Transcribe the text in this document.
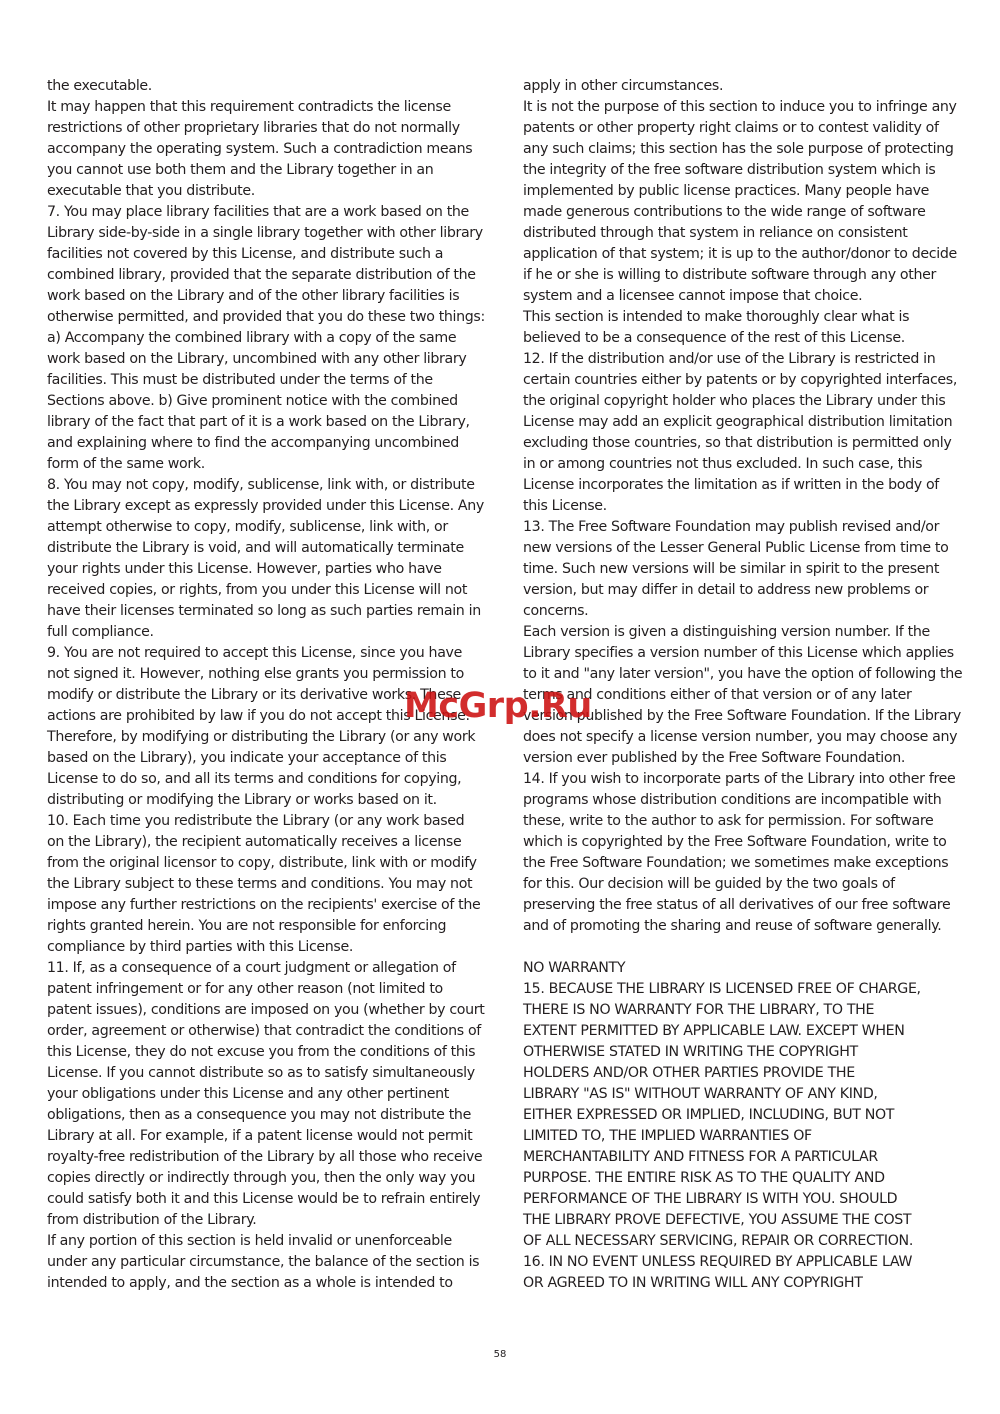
the executable.
It may happen that this requirement contradicts the license
restrictions of other proprietary libraries that do not normally
accompany the operating system. Such a contradiction means
you cannot use both them and the Library together in an
executable that you distribute.
7. You may place library facilities that are a work based on the
Library side-by-side in a single library together with other library
facilities not covered by this License, and distribute such a
combined library, provided that the separate distribution of the
work based on the Library and of the other library facilities is
otherwise permitted, and provided that you do these two things:
a) Accompany the combined library with a copy of the same
work based on the Library, uncombined with any other library
facilities. This must be distributed under the terms of the
Sections above. b) Give prominent notice with the combined
library of the fact that part of it is a work based on the Library,
and explaining where to find the accompanying uncombined
form of the same work.
8. You may not copy, modify, sublicense, link with, or distribute
the Library except as expressly provided under this License. Any
attempt otherwise to copy, modify, sublicense, link with, or
distribute the Library is void, and will automatically terminate
your rights under this License. However, parties who have
received copies, or rights, from you under this License will not
have their licenses terminated so long as such parties remain in
full compliance.
9. You are not required to accept this License, since you have
not signed it. However, nothing else grants you permission to
modify or distribute the Library or its derivative works. These
actions are prohibited by law if you do not accept this License.
Therefore, by modifying or distributing the Library (or any work
based on the Library), you indicate your acceptance of this
License to do so, and all its terms and conditions for copying,
distributing or modifying the Library or works based on it.
10. Each time you redistribute the Library (or any work based
on the Library), the recipient automatically receives a license
from the original licensor to copy, distribute, link with or modify
the Library subject to these terms and conditions. You may not
impose any further restrictions on the recipients' exercise of the
rights granted herein. You are not responsible for enforcing
compliance by third parties with this License.
11. If, as a consequence of a court judgment or allegation of
patent infringement or for any other reason (not limited to
patent issues), conditions are imposed on you (whether by court
order, agreement or otherwise) that contradict the conditions of
this License, they do not excuse you from the conditions of this
License. If you cannot distribute so as to satisfy simultaneously
your obligations under this License and any other pertinent
obligations, then as a consequence you may not distribute the
Library at all. For example, if a patent license would not permit
royalty-free redistribution of the Library by all those who receive
copies directly or indirectly through you, then the only way you
could satisfy both it and this License would be to refrain entirely
from distribution of the Library.
If any portion of this section is held invalid or unenforceable
under any particular circumstance, the balance of the section is
intended to apply, and the section as a whole is intended to
apply in other circumstances.
It is not the purpose of this section to induce you to infringe any
patents or other property right claims or to contest validity of
any such claims; this section has the sole purpose of protecting
the integrity of the free software distribution system which is
implemented by public license practices. Many people have
made generous contributions to the wide range of software
distributed through that system in reliance on consistent
application of that system; it is up to the author/donor to decide
if he or she is willing to distribute software through any other
system and a licensee cannot impose that choice.
This section is intended to make thoroughly clear what is
believed to be a consequence of the rest of this License.
12. If the distribution and/or use of the Library is restricted in
certain countries either by patents or by copyrighted interfaces,
the original copyright holder who places the Library under this
License may add an explicit geographical distribution limitation
excluding those countries, so that distribution is permitted only
in or among countries not thus excluded. In such case, this
License incorporates the limitation as if written in the body of
this License.
13. The Free Software Foundation may publish revised and/or
new versions of the Lesser General Public License from time to
time. Such new versions will be similar in spirit to the present
version, but may differ in detail to address new problems or
concerns.
Each version is given a distinguishing version number. If the
Library specifies a version number of this License which applies
to it and "any later version", you have the option of following the
terms and conditions either of that version or of any later
version published by the Free Software Foundation. If the Library
does not specify a license version number, you may choose any
version ever published by the Free Software Foundation.
14. If you wish to incorporate parts of the Library into other free
programs whose distribution conditions are incompatible with
these, write to the author to ask for permission. For software
which is copyrighted by the Free Software Foundation, write to
the Free Software Foundation; we sometimes make exceptions
for this. Our decision will be guided by the two goals of
preserving the free status of all derivatives of our free software
and of promoting the sharing and reuse of software generally.
NO WARRANTY
15. BECAUSE THE LIBRARY IS LICENSED FREE OF CHARGE,
THERE IS NO WARRANTY FOR THE LIBRARY, TO THE
EXTENT PERMITTED BY APPLICABLE LAW. EXCEPT WHEN
OTHERWISE STATED IN WRITING THE COPYRIGHT
HOLDERS AND/OR OTHER PARTIES PROVIDE THE
LIBRARY "AS IS" WITHOUT WARRANTY OF ANY KIND,
EITHER EXPRESSED OR IMPLIED, INCLUDING, BUT NOT
LIMITED TO, THE IMPLIED WARRANTIES OF
MERCHANTABILITY AND FITNESS FOR A PARTICULAR
PURPOSE. THE ENTIRE RISK AS TO THE QUALITY AND
PERFORMANCE OF THE LIBRARY IS WITH YOU. SHOULD
THE LIBRARY PROVE DEFECTIVE, YOU ASSUME THE COST
OF ALL NECESSARY SERVICING, REPAIR OR CORRECTION.
16. IN NO EVENT UNLESS REQUIRED BY APPLICABLE LAW
OR AGREED TO IN WRITING WILL ANY COPYRIGHT
McGrp.Ru
58
